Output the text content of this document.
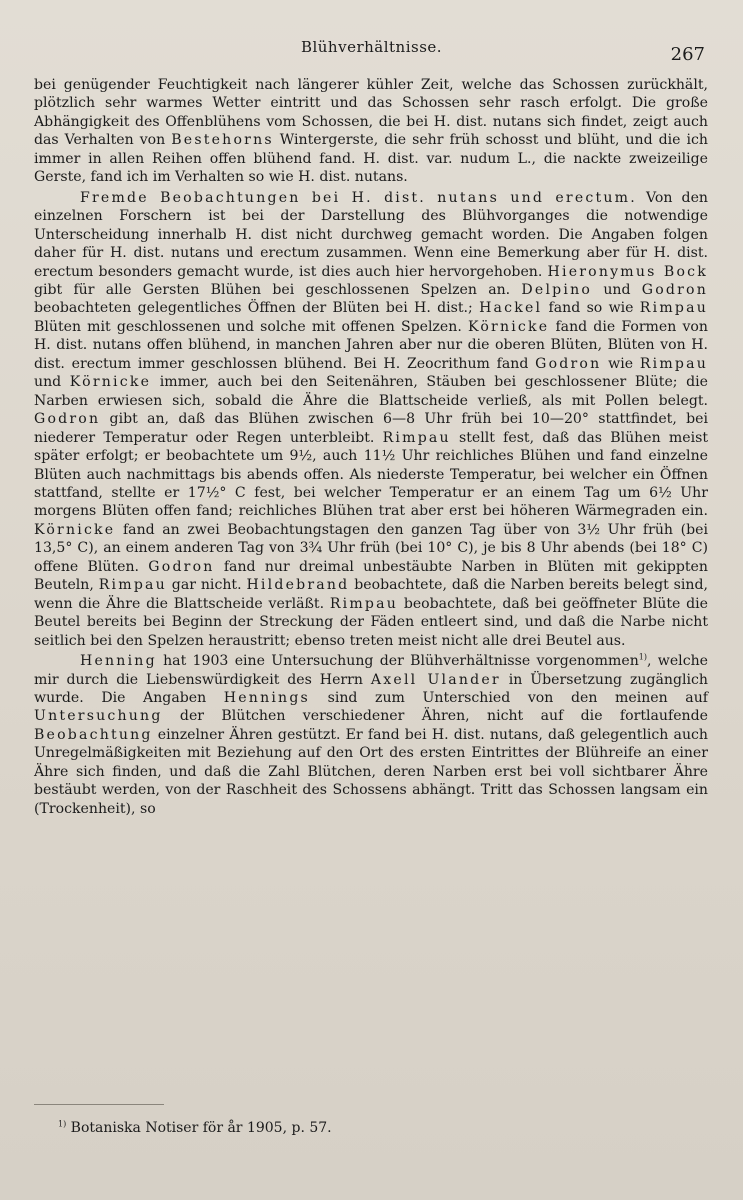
Blühverhältnisse.	267

bei genügender Feuchtigkeit nach längerer kühler Zeit, welche das Schossen zurückhält, plötzlich sehr warmes Wetter eintritt und das Schossen sehr rasch erfolgt. Die große Abhängigkeit des Offenblühens vom Schossen, die bei H. dist. nutans sich findet, zeigt auch das Verhalten von Bestehorns Wintergerste, die sehr früh schosst und blüht, und die ich immer in allen Reihen offen blühend fand. H. dist. var. nudum L., die nackte zweizeilige Gerste, fand ich im Verhalten so wie H. dist. nutans.

Fremde Beobachtungen bei H. dist. nutans und erectum. Von den einzelnen Forschern ist bei der Darstellung des Blühvorganges die notwendige Unterscheidung innerhalb H. dist nicht durchweg gemacht worden. Die Angaben folgen daher für H. dist. nutans und erectum zusammen. Wenn eine Bemerkung aber für H. dist. erectum besonders gemacht wurde, ist dies auch hier hervorgehoben. Hieronymus Bock gibt für alle Gersten Blühen bei geschlossenen Spelzen an. Delpino und Godron beobachteten gelegentliches Öffnen der Blüten bei H. dist.; Hackel fand so wie Rimpau Blüten mit geschlossenen und solche mit offenen Spelzen. Körnicke fand die Formen von H. dist. nutans offen blühend, in manchen Jahren aber nur die oberen Blüten, Blüten von H. dist. erectum immer geschlossen blühend. Bei H. Zeocrithum fand Godron wie Rimpau und Körnicke immer, auch bei den Seitenähren, Stäuben bei geschlossener Blüte; die Narben erwiesen sich, sobald die Ähre die Blattscheide verließ, als mit Pollen belegt. Godron gibt an, daß das Blühen zwischen 6—8 Uhr früh bei 10—20° stattfindet, bei niederer Temperatur oder Regen unterbleibt. Rimpau stellt fest, daß das Blühen meist später erfolgt; er beobachtete um 9½, auch 11½ Uhr reichliches Blühen und fand einzelne Blüten auch nachmittags bis abends offen. Als niederste Temperatur, bei welcher ein Öffnen stattfand, stellte er 17½° C fest, bei welcher Temperatur er an einem Tag um 6½ Uhr morgens Blüten offen fand; reichliches Blühen trat aber erst bei höheren Wärmegraden ein. Körnicke fand an zwei Beobachtungstagen den ganzen Tag über von 3½ Uhr früh (bei 13,5° C), an einem anderen Tag von 3¾ Uhr früh (bei 10° C), je bis 8 Uhr abends (bei 18° C) offene Blüten. Godron fand nur dreimal unbestäubte Narben in Blüten mit gekippten Beuteln, Rimpau gar nicht. Hildebrand beobachtete, daß die Narben bereits belegt sind, wenn die Ähre die Blattscheide verläßt. Rimpau beobachtete, daß bei geöffneter Blüte die Beutel bereits bei Beginn der Streckung der Fäden entleert sind, und daß die Narbe nicht seitlich bei den Spelzen heraustritt; ebenso treten meist nicht alle drei Beutel aus.

Henning hat 1903 eine Untersuchung der Blühverhältnisse vorgenommen$^{1)}$, welche mir durch die Liebenswürdigkeit des Herrn Axell Ulander in Übersetzung zugänglich wurde. Die Angaben Hennings sind zum Unterschied von den meinen auf Untersuchung der Blütchen verschiedener Ähren, nicht auf die fortlaufende Beobachtung einzelner Ähren gestützt. Er fand bei H. dist. nutans, daß gelegentlich auch Unregelmäßigkeiten mit Beziehung auf den Ort des ersten Eintrittes der Blühreife an einer Ähre sich finden, und daß die Zahl Blütchen, deren Narben erst bei voll sichtbarer Ähre bestäubt werden, von der Raschheit des Schossens abhängt. Tritt das Schossen langsam ein (Trockenheit), so

$^{1)}$ Botaniska Notiser för år 1905, p. 57.
